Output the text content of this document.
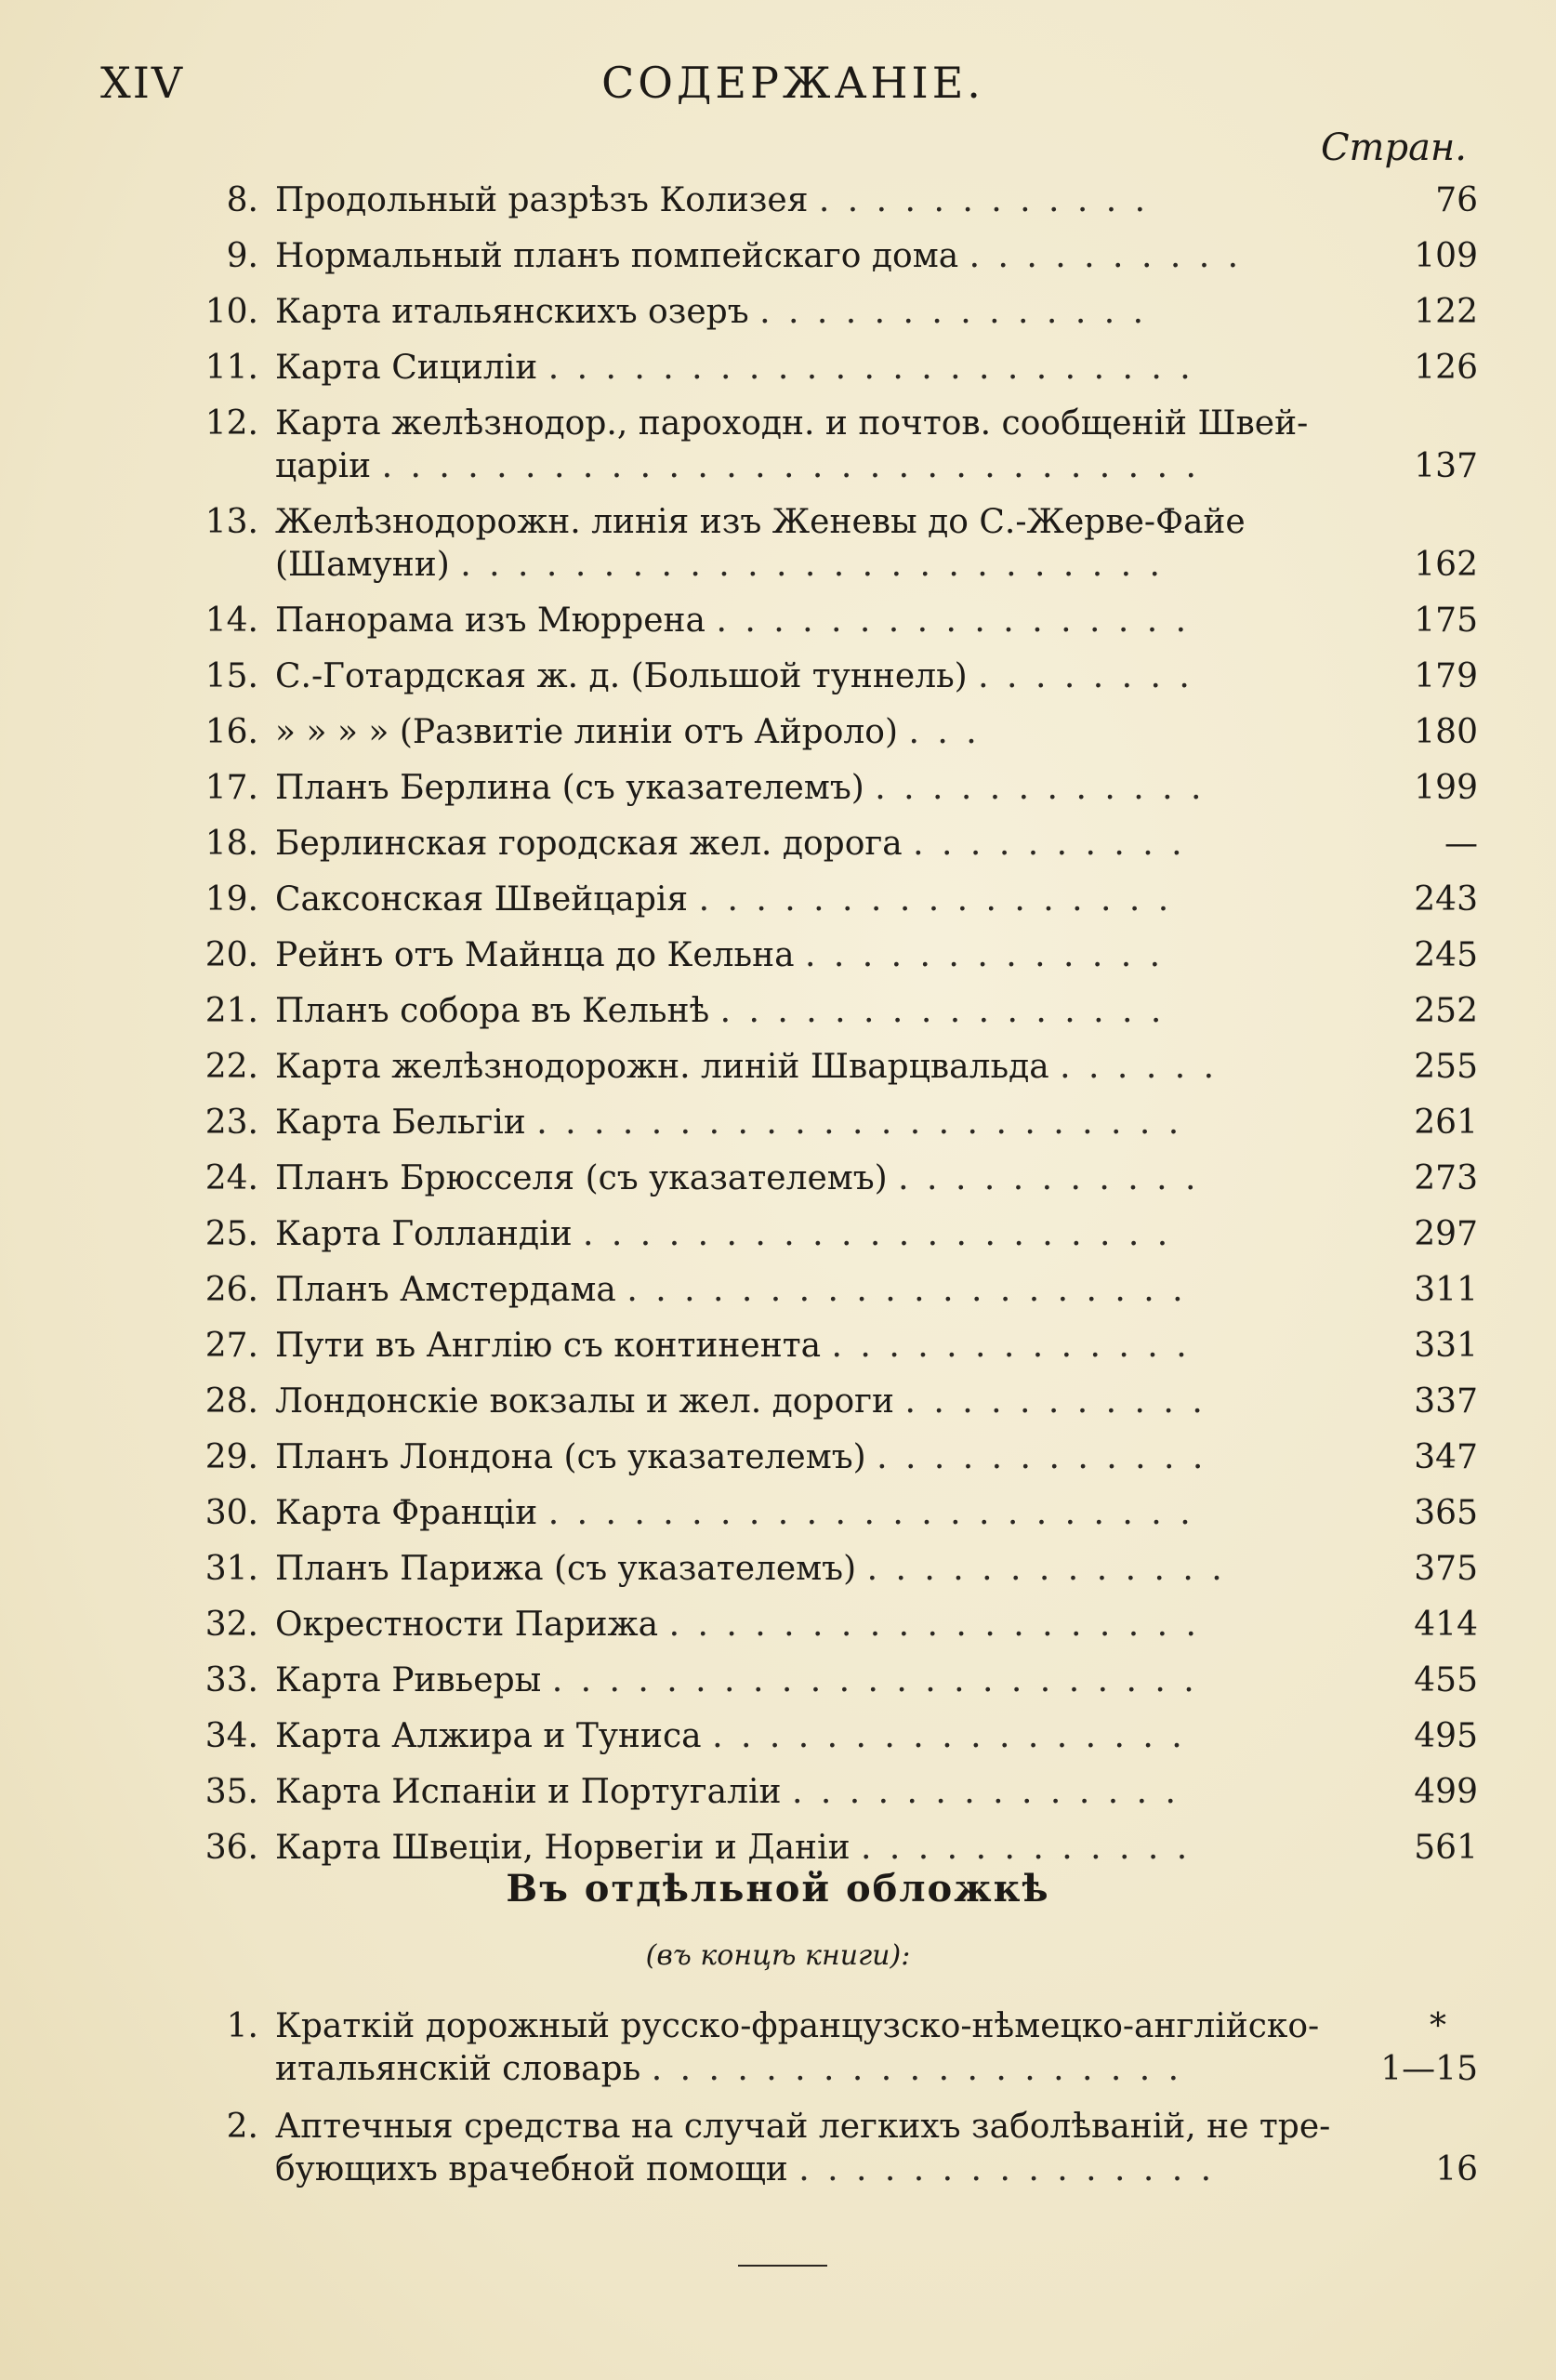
СОДЕРЖАНIЕ.
XIV
Стран.
8. Продольный разрѣзъ Колизея . . . . . . . . . . . .	76
9. Нормальный планъ помпейскаго дома . . . . . . . . . .	109
10. Карта итальянскихъ озеръ . . . . . . . . . . . . . .	122
11. Карта Сициліи . . . . . . . . . . . . . . . . . . . . . . .	126
12. Карта желѣзнодор., пароходн. и почтов. сообщеній Швей-
царіи . . . . . . . . . . . . . . . . . . . . . . . . . . . . .	137
13. Желѣзнодорожн. линія изъ Женевы до С.-Жерве-Файе
(Шамуни) . . . . . . . . . . . . . . . . . . . . . . . . .	162
14. Панорама изъ Мюррена . . . . . . . . . . . . . . . . .	175
15. С.-Готардская ж. д. (Большой туннель) . . . . . . . .	179
16. » » » » (Развитіе линіи отъ Айроло) . . .	180
17. Планъ Берлина (съ указателемъ) . . . . . . . . . . . .	199
18. Берлинская городская жел. дорога . . . . . . . . . .	—
19. Саксонская Швейцарія . . . . . . . . . . . . . . . . .	243
20. Рейнъ отъ Майнца до Кельна . . . . . . . . . . . . .	245
21. Планъ собора въ Кельнѣ . . . . . . . . . . . . . . . .	252
22. Карта желѣзнодорожн. линій Шварцвальда . . . . . .	255
23. Карта Бельгіи . . . . . . . . . . . . . . . . . . . . . . .	261
24. Планъ Брюсселя (съ указателемъ) . . . . . . . . . . .	273
25. Карта Голландіи . . . . . . . . . . . . . . . . . . . . .	297
26. Планъ Амстердама . . . . . . . . . . . . . . . . . . . .	311
27. Пути въ Англію съ континента . . . . . . . . . . . . .	331
28. Лондонскіе вокзалы и жел. дороги . . . . . . . . . . .	337
29. Планъ Лондона (съ указателемъ) . . . . . . . . . . . .	347
30. Карта Франціи . . . . . . . . . . . . . . . . . . . . . . .	365
31. Планъ Парижа (съ указателемъ) . . . . . . . . . . . . .	375
32. Окрестности Парижа . . . . . . . . . . . . . . . . . . .	414
33. Карта Ривьеры . . . . . . . . . . . . . . . . . . . . . . .	455
34. Карта Алжира и Туниса . . . . . . . . . . . . . . . . .	495
35. Карта Испаніи и Португаліи . . . . . . . . . . . . . .	499
36. Карта Швеціи, Норвегіи и Даніи . . . . . . . . . . . .	561
Въ отдѣльной обложкѣ
(въ концѣ книги):
1. Краткій дорожный русско-французско-нѣмецко-англійско-	*
итальянскій словарь . . . . . . . . . . . . . . . . . . .	1—15
2. Аптечныя средства на случай легкихъ заболѣваній, не тре-
бующихъ врачебной помощи . . . . . . . . . . . . . . .	16
